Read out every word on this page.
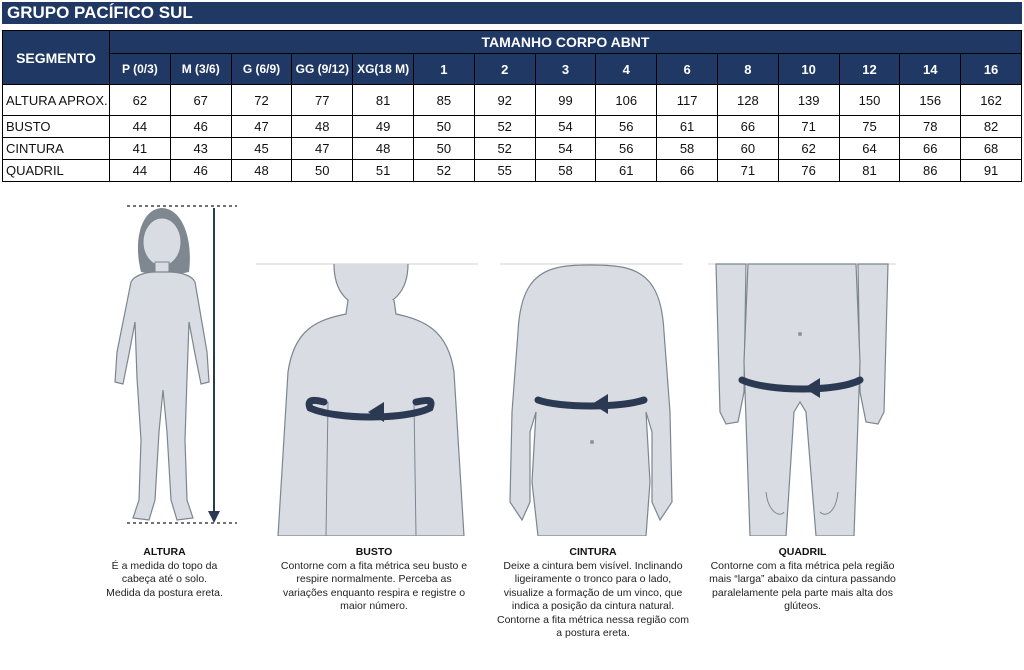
GRUPO PACÍFICO SUL
SEGMENTO	TAMANHO CORPO ABNT														
	P (0/3)	M (3/6)	G (6/9)	GG (9/12)	XG(18 M)	1	2	3	4	6	8	10	12	14	16
ALTURA APROX.	62	67	72	77	81	85	92	99	106	117	128	139	150	156	162
BUSTO	44	46	47	48	49	50	52	54	56	61	66	71	75	78	82
CINTURA	41	43	45	47	48	50	52	54	56	58	60	62	64	66	68
QUADRIL	44	46	48	50	51	52	55	58	61	66	71	76	81	86	91
ALTURA
É a medida do topo da
cabeça até o solo.
Medida da postura ereta.
BUSTO
Contorne com a fita métrica seu busto e
respire normalmente. Perceba as
variações enquanto respira e registre o
maior número.
CINTURA
Deixe a cintura bem visível. Inclinando
ligeiramente o tronco para o lado,
visualize a formação de um vinco, que
indica a posição da cintura natural.
Contorne a fita métrica nessa região com
a postura ereta.
QUADRIL
Contorne com a fita métrica pela região
mais “larga” abaixo da cintura passando
paralelamente pela parte mais alta dos
glúteos.
